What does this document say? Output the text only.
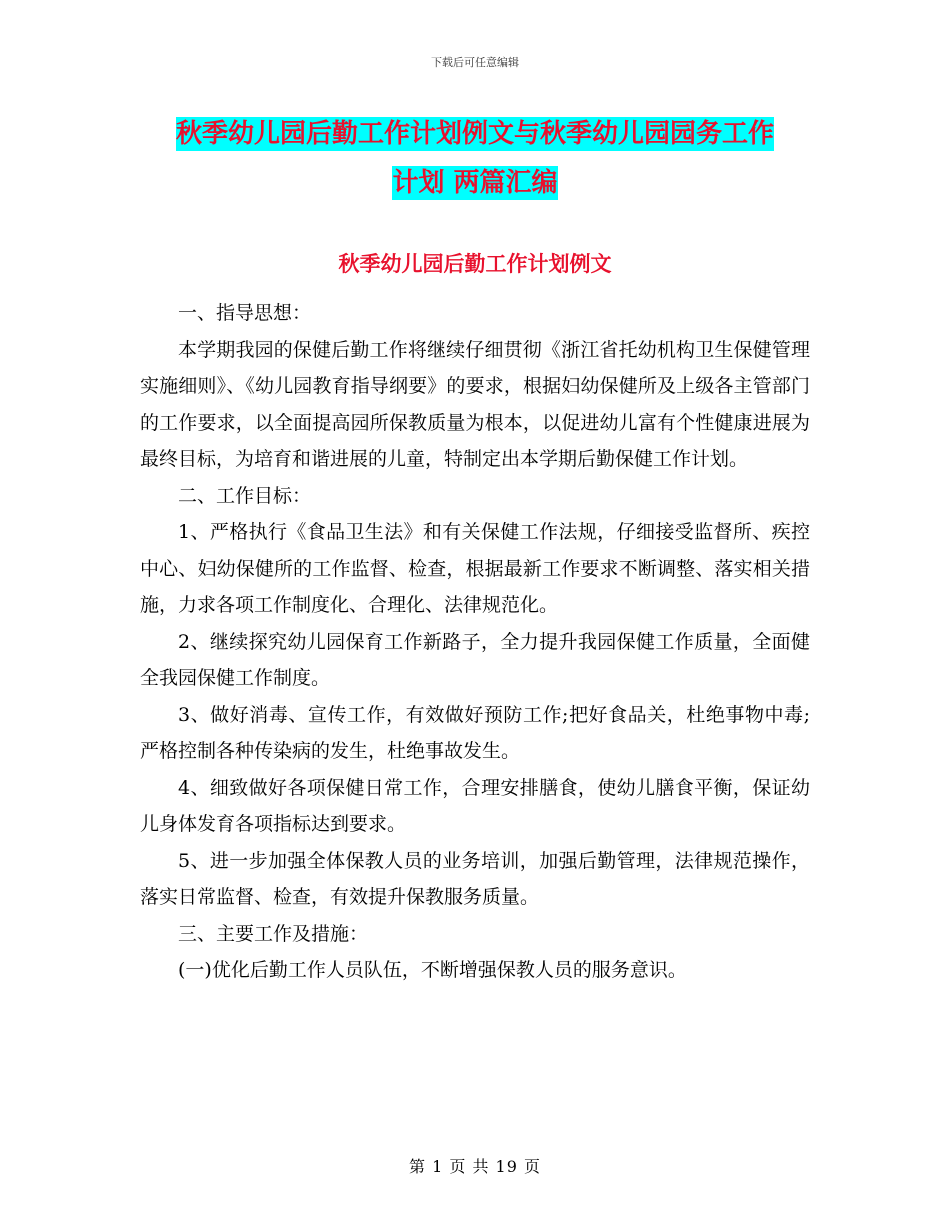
下载后可任意编辑
秋季幼儿园后勤工作计划例文与秋季幼儿园园务工作
计划 两篇汇编
秋季幼儿园后勤工作计划例文

一、指导思想：

本学期我园的保健后勤工作将继续仔细贯彻《浙江省托幼机构卫生保健管理实施细则》、《幼儿园教育指导纲要》的要求，根据妇幼保健所及上级各主管部门的工作要求，以全面提高园所保教质量为根本，以促进幼儿富有个性健康进展为最终目标，为培育和谐进展的儿童，特制定出本学期后勤保健工作计划。

二、工作目标：

1、严格执行《食品卫生法》和有关保健工作法规，仔细接受监督所、疾控中心、妇幼保健所的工作监督、检查，根据最新工作要求不断调整、落实相关措施，力求各项工作制度化、合理化、法律规范化。

2、继续探究幼儿园保育工作新路子，全力提升我园保健工作质量，全面健全我园保健工作制度。

3、做好消毒、宣传工作，有效做好预防工作;把好食品关，杜绝事物中毒;严格控制各种传染病的发生，杜绝事故发生。

4、细致做好各项保健日常工作，合理安排膳食，使幼儿膳食平衡，保证幼儿身体发育各项指标达到要求。

5、进一步加强全体保教人员的业务培训，加强后勤管理，法律规范操作，落实日常监督、检查，有效提升保教服务质量。

三、主要工作及措施：

(一)优化后勤工作人员队伍，不断增强保教人员的服务意识。

第 1 页 共 19 页
